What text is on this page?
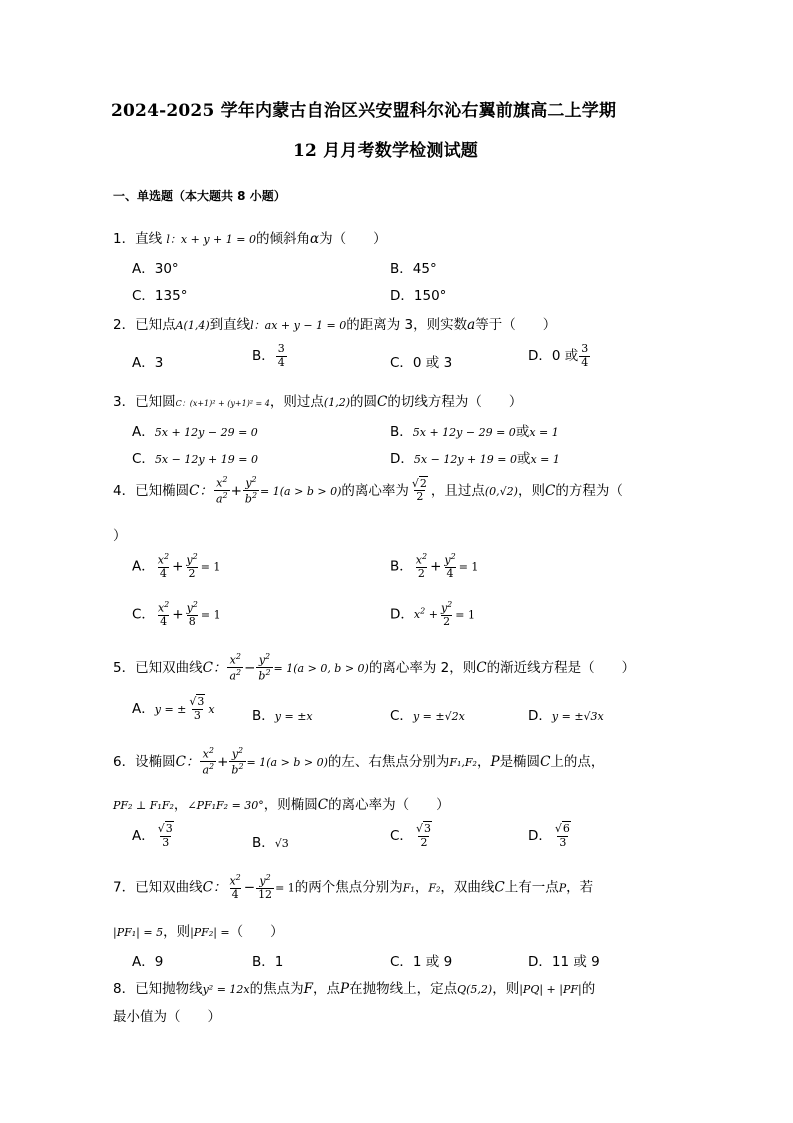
2024-2025 学年内蒙古自治区兴安盟科尔沁右翼前旗高二上学期
12 月月考数学检测试题
一、单选题（本大题共 8 小题）
1．直线 l：x + y + 1 = 0的倾斜角α为（　　）
A．30°	B．45°
C．135°	D．150°
2．已知点A(1,4)到直线l：ax + y − 1 = 0的距离为 3，则实数a等于（　　）
A．3	B． $\frac{3}{4}$	C．0 或 3	D．0 或 $\frac{3}{4}$
3．已知圆C：(x+1)² + (y+1)² = 4，则过点(1,2)的圆C的切线方程为（　　）
A．5x + 12y − 29 = 0	B．5x + 12y − 29 = 0或x = 1
C．5x − 12y + 19 = 0	D．5x − 12y + 19 = 0或x = 1
4．已知椭圆C： $\frac{x^2}{a^2} + \frac{y^2}{b^2} = 1(a > b > 0)$的离心率为 $\frac{√2}{2}$ ，且过点(0,√2)，则C的方程为（
）
A． $\frac{x^2}{4} + \frac{y^2}{2} = 1$	B． $\frac{x^2}{2} + \frac{y^2}{4} = 1$
C． $\frac{x^2}{4} + \frac{y^2}{8} = 1$	D．$x^2 + \frac{y^2}{2} = 1$
5．已知双曲线C： $\frac{x^2}{a^2} - \frac{y^2}{b^2} = 1(a > 0$, b > 0)的离心率为 2，则C的渐近线方程是（　　）
A．y = ± $\frac{√3}{3}$ x	B．y = ±x	C．y = ±√2x	D．y = ±√3x
6．设椭圆C： $\frac{x^2}{a^2} + \frac{y^2}{b^2} = 1(a > b > 0)$的左、右焦点分别为F₁,F₂，P是椭圆C上的点，
PF₂ ⊥ F₁F₂，∠PF₁F₂ = 30°，则椭圆C的离心率为（　　）
A． $\frac{√3}{3}$	B．√3	C． $\frac{√3}{2}$	D． $\frac{√6}{3}$
7．已知双曲线C： $\frac{x^2}{4} - \frac{y^2}{12} = 1$的两个焦点分别为F₁，F₂，双曲线C上有一点P，若
|PF₁| = 5，则|PF₂| =（　　）
A．9	B．1	C．1 或 9	D．11 或 9
8．已知抛物线y² = 12x的焦点为F，点P在抛物线上，定点Q(5,2)，则|PQ| + |PF|的
最小值为（　　）
